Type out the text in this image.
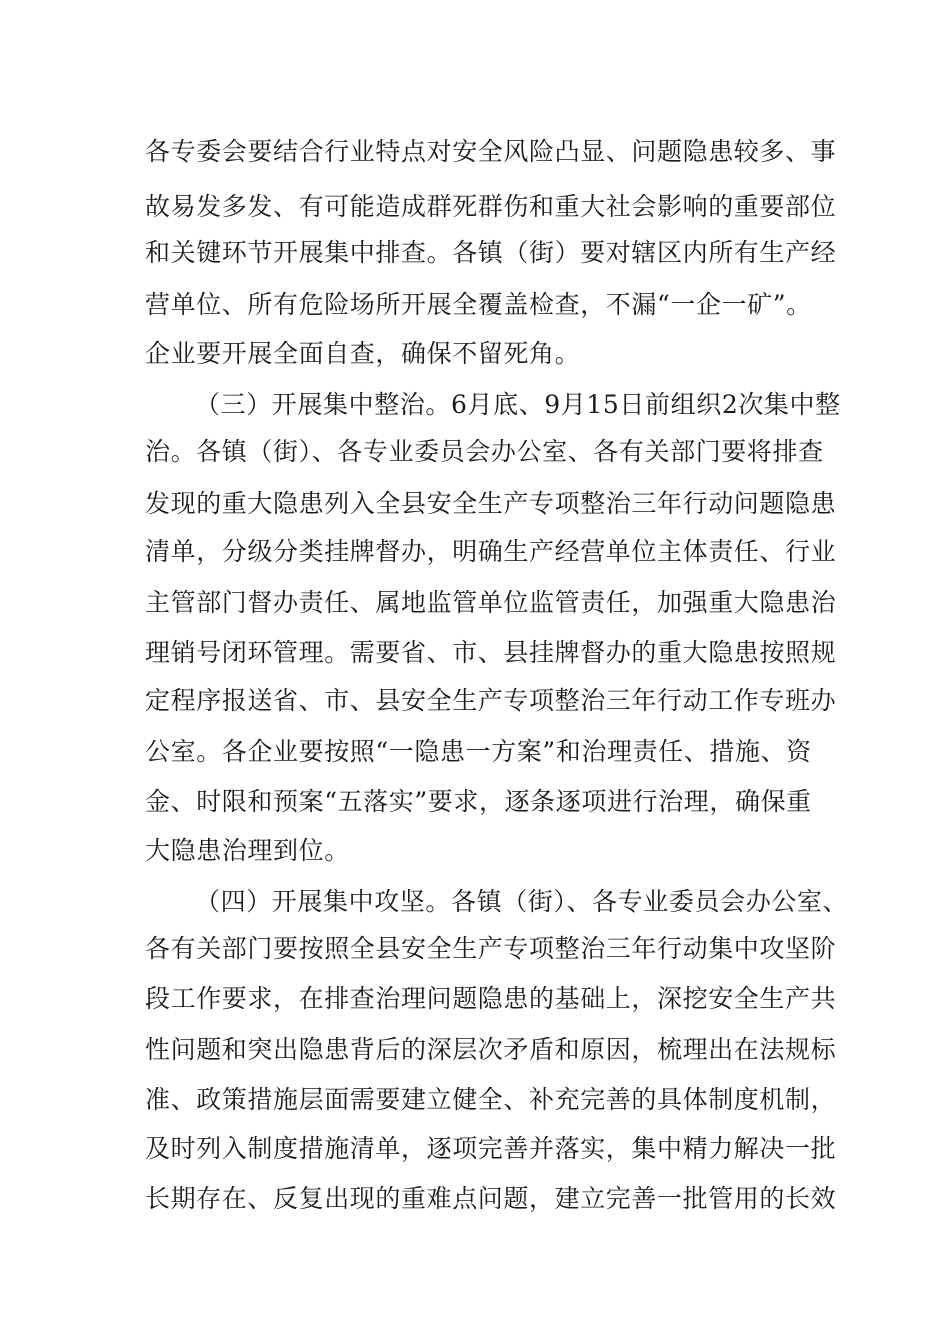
各专委会要结合行业特点对安全风险凸显、问题隐患较多、事
故易发多发、有可能造成群死群伤和重大社会影响的重要部位
和关键环节开展集中排查。各镇（街）要对辖区内所有生产经
营单位、所有危险场所开展全覆盖检查，不漏“一企一矿”。
企业要开展全面自查，确保不留死角。
（三）开展集中整治。6月底、9月15日前组织2次集中整
治。各镇（街）、各专业委员会办公室、各有关部门要将排查
发现的重大隐患列入全县安全生产专项整治三年行动问题隐患
清单，分级分类挂牌督办，明确生产经营单位主体责任、行业
主管部门督办责任、属地监管单位监管责任，加强重大隐患治
理销号闭环管理。需要省、市、县挂牌督办的重大隐患按照规
定程序报送省、市、县安全生产专项整治三年行动工作专班办
公室。各企业要按照“一隐患一方案”和治理责任、措施、资
金、时限和预案“五落实”要求，逐条逐项进行治理，确保重
大隐患治理到位。
（四）开展集中攻坚。各镇（街）、各专业委员会办公室、
各有关部门要按照全县安全生产专项整治三年行动集中攻坚阶
段工作要求，在排查治理问题隐患的基础上，深挖安全生产共
性问题和突出隐患背后的深层次矛盾和原因，梳理出在法规标
准、政策措施层面需要建立健全、补充完善的具体制度机制，
及时列入制度措施清单，逐项完善并落实，集中精力解决一批
长期存在、反复出现的重难点问题，建立完善一批管用的长效
